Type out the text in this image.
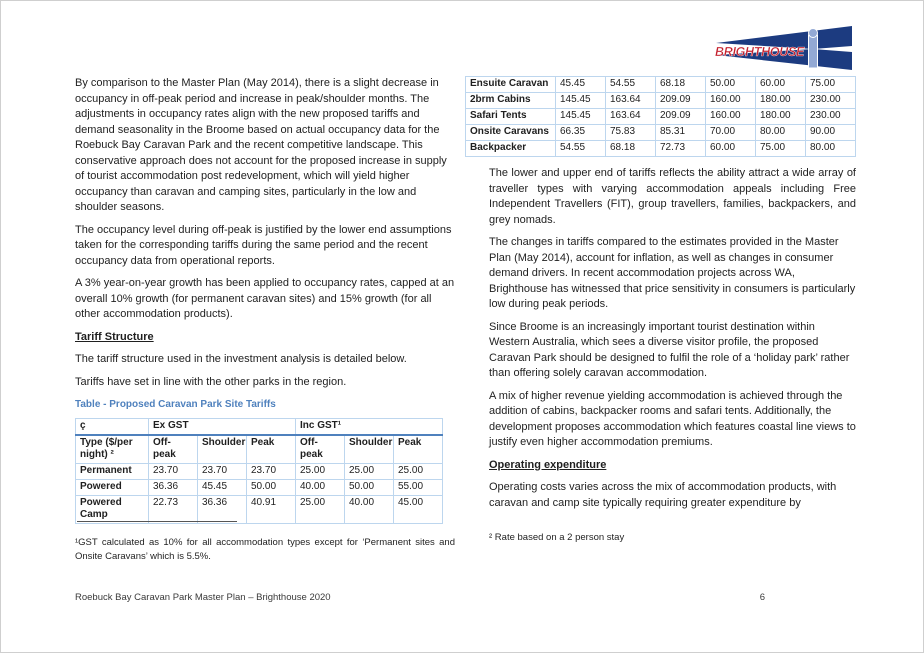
BRIGHTHOUSE

By comparison to the Master Plan (May 2014), there is a slight decrease in occupancy in off-peak period and increase in peak/shoulder months. The adjustments in occupancy rates align with the new proposed tariffs and demand seasonality in the Broome based on actual occupancy data for the Roebuck Bay Caravan Park and the recent competitive landscape. This conservative approach does not account for the proposed increase in supply of tourist accommodation post redevelopment, which will yield higher occupancy than caravan and camping sites, particularly in the low and shoulder seasons.

The occupancy level during off-peak is justified by the lower end assumptions taken for the corresponding tariffs during the same period and the recent occupancy data from operational reports.

A 3% year-on-year growth has been applied to occupancy rates, capped at an overall 10% growth (for permanent caravan sites) and 15% growth (for all other accommodation products).

Tariff Structure

The tariff structure used in the investment analysis is detailed below.

Tariffs have set in line with the other parks in the region.

Table - Proposed Caravan Park Site Tariffs
ç	Ex GST			Inc GST¹		
Type ($/per night) ²	Off-peak	Shoulder	Peak	Off-peak	Shoulder	Peak
Permanent	23.70	23.70	23.70	25.00	25.00	25.00
Powered	36.36	45.45	50.00	40.00	50.00	55.00
Powered Camp	22.73	36.36	40.91	25.00	40.00	45.00
Ensuite Caravan	45.45	54.55	68.18	50.00	60.00	75.00
2brm Cabins	145.45	163.64	209.09	160.00	180.00	230.00
Safari Tents	145.45	163.64	209.09	160.00	180.00	230.00
Onsite Caravans	66.35	75.83	85.31	70.00	80.00	90.00
Backpacker	54.55	68.18	72.73	60.00	75.00	80.00

The lower and upper end of tariffs reflects the ability attract a wide array of traveller types with varying accommodation appeals including Free Independent Travellers (FIT), group travellers, families, backpackers, and grey nomads.

The changes in tariffs compared to the estimates provided in the Master Plan (May 2014), account for inflation, as well as changes in consumer demand drivers. In recent accommodation projects across WA, Brighthouse has witnessed that price sensitivity in consumers is particularly low during peak periods.

Since Broome is an increasingly important tourist destination within Western Australia, which sees a diverse visitor profile, the proposed Caravan Park should be designed to fulfil the role of a ‘holiday park’ rather than offering solely caravan accommodation.

A mix of higher revenue yielding accommodation is achieved through the addition of cabins, backpacker rooms and safari tents. Additionally, the development proposes accommodation which features coastal line views to justify even higher accommodation premiums.

Operating expenditure

Operating costs varies across the mix of accommodation products, with caravan and camp site typically requiring greater expenditure by

¹GST calculated as 10% for all accommodation types except for ‘Permanent sites and Onsite Caravans’ which is 5.5%.
² Rate based on a 2 person stay
Roebuck Bay Caravan Park Master Plan – Brighthouse 2020	6
